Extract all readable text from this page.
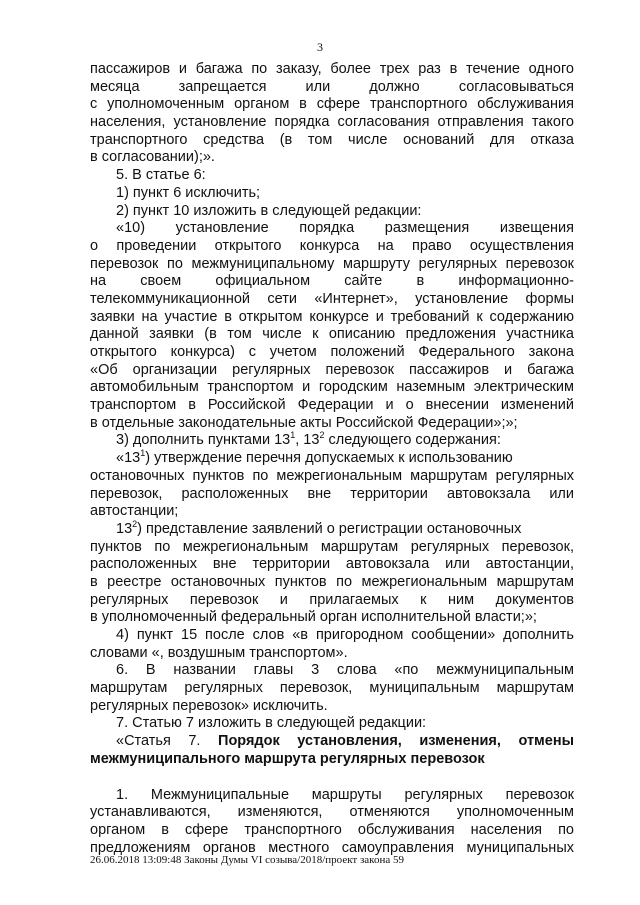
3
пассажиров и багажа по заказу, более трех раз в течение одного
месяца запрещается или должно согласовываться
с уполномоченным органом в сфере транспортного обслуживания
населения, установление порядка согласования отправления такого
транспортного средства (в том числе оснований для отказа
в согласовании);».
5. В статье 6:
1) пункт 6 исключить;
2) пункт 10 изложить в следующей редакции:
«10) установление порядка размещения извещения
о проведении открытого конкурса на право осуществления
перевозок по межмуниципальному маршруту регулярных перевозок
на своем официальном сайте в информационно-
телекоммуникационной сети «Интернет», установление формы
заявки на участие в открытом конкурсе и требований к содержанию
данной заявки (в том числе к описанию предложения участника
открытого конкурса) с учетом положений Федерального закона
«Об организации регулярных перевозок пассажиров и багажа
автомобильным транспортом и городским наземным электрическим
транспортом в Российской Федерации и о внесении изменений
в отдельные законодательные акты Российской Федерации»;»;
3) дополнить пунктами $13^1$, $13^2$ следующего содержания:
«$13^1$) утверждение перечня допускаемых к использованию
остановочных пунктов по межрегиональным маршрутам регулярных
перевозок, расположенных вне территории автовокзала или
автостанции;
$13^2$) представление заявлений о регистрации остановочных
пунктов по межрегиональным маршрутам регулярных перевозок,
расположенных вне территории автовокзала или автостанции,
в реестре остановочных пунктов по межрегиональным маршрутам
регулярных перевозок и прилагаемых к ним документов
в уполномоченный федеральный орган исполнительной власти;»;
4) пункт 15 после слов «в пригородном сообщении» дополнить
словами «, воздушным транспортом».
6. В названии главы 3 слова «по межмуниципальным
маршрутам регулярных перевозок, муниципальным маршрутам
регулярных перевозок» исключить.
7. Статью 7 изложить в следующей редакции:
«Статья 7. Порядок установления, изменения, отмены
межмуниципального маршрута регулярных перевозок
1. Межмуниципальные маршруты регулярных перевозок
устанавливаются, изменяются, отменяются уполномоченным
органом в сфере транспортного обслуживания населения по
предложениям органов местного самоуправления муниципальных
26.06.2018 13:09:48 Законы Думы VI созыва/2018/проект закона 59
